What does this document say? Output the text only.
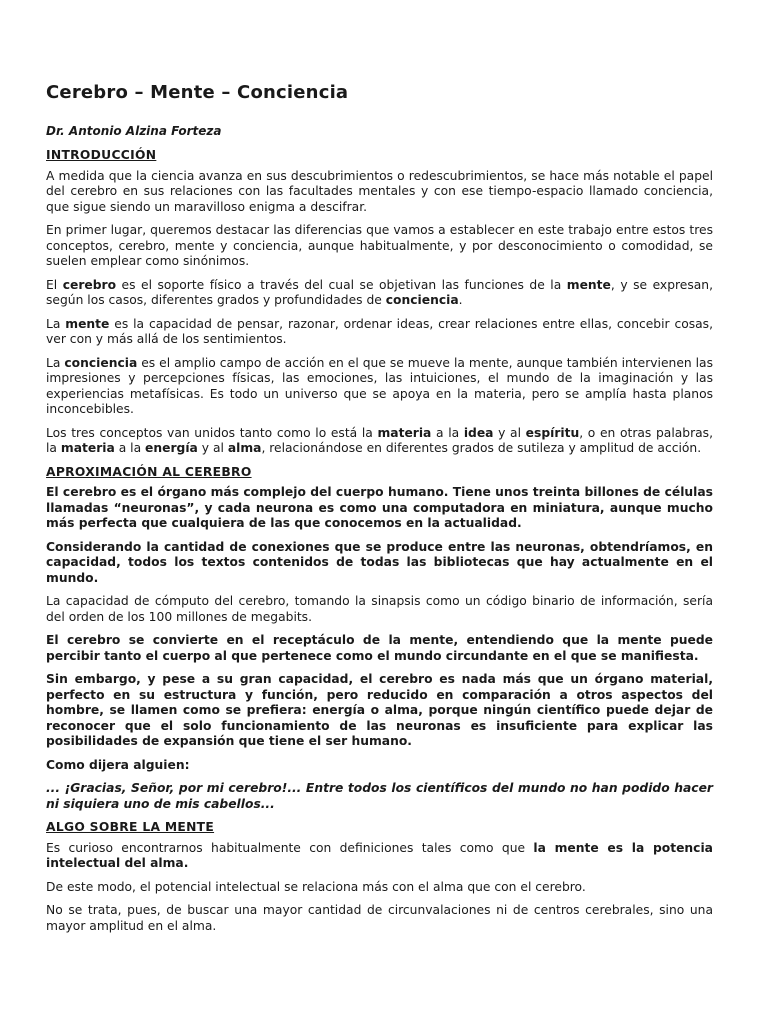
Cerebro – Mente – Conciencia
Dr. Antonio Alzina Forteza
INTRODUCCIÓN

A medida que la ciencia avanza en sus descubrimientos o redescubrimientos, se hace más notable el papel del cerebro en sus relaciones con las facultades mentales y con ese tiempo-espacio llamado conciencia, que sigue siendo un maravilloso enigma a descifrar.

En primer lugar, queremos destacar las diferencias que vamos a establecer en este trabajo entre estos tres conceptos, cerebro, mente y conciencia, aunque habitualmente, y por desconocimiento o comodidad, se suelen emplear como sinónimos.

El cerebro es el soporte físico a través del cual se objetivan las funciones de la mente, y se expresan, según los casos, diferentes grados y profundidades de conciencia.

La mente es la capacidad de pensar, razonar, ordenar ideas, crear relaciones entre ellas, concebir cosas, ver con y más allá de los sentimientos.

La conciencia es el amplio campo de acción en el que se mueve la mente, aunque también intervienen las impresiones y percepciones físicas, las emociones, las intuiciones, el mundo de la imaginación y las experiencias metafísicas. Es todo un universo que se apoya en la materia, pero se amplía hasta planos inconcebibles.

Los tres conceptos van unidos tanto como lo está la materia a la idea y al espíritu, o en otras palabras, la materia a la energía y al alma, relacionándose en diferentes grados de sutileza y amplitud de acción.

APROXIMACIÓN AL CEREBRO

El cerebro es el órgano más complejo del cuerpo humano. Tiene unos treinta billones de células llamadas “neuronas”, y cada neurona es como una computadora en miniatura, aunque mucho más perfecta que cualquiera de las que conocemos en la actualidad.

Considerando la cantidad de conexiones que se produce entre las neuronas, obtendríamos, en capacidad, todos los textos contenidos de todas las bibliotecas que hay actualmente en el mundo.

La capacidad de cómputo del cerebro, tomando la sinapsis como un código binario de información, sería del orden de los 100 millones de megabits.

El cerebro se convierte en el receptáculo de la mente, entendiendo que la mente puede percibir tanto el cuerpo al que pertenece como el mundo circundante en el que se manifiesta.

Sin embargo, y pese a su gran capacidad, el cerebro es nada más que un órgano material, perfecto en su estructura y función, pero reducido en comparación a otros aspectos del hombre, se llamen como se prefiera: energía o alma, porque ningún científico puede dejar de reconocer que el solo funcionamiento de las neuronas es insuficiente para explicar las posibilidades de expansión que tiene el ser humano.

Como dijera alguien:

... ¡Gracias, Señor, por mi cerebro!... Entre todos los científicos del mundo no han podido hacer ni siquiera uno de mis cabellos...

ALGO SOBRE LA MENTE

Es curioso encontrarnos habitualmente con definiciones tales como que la mente es la potencia intelectual del alma.

De este modo, el potencial intelectual se relaciona más con el alma que con el cerebro.

No se trata, pues, de buscar una mayor cantidad de circunvalaciones ni de centros cerebrales, sino una mayor amplitud en el alma.
